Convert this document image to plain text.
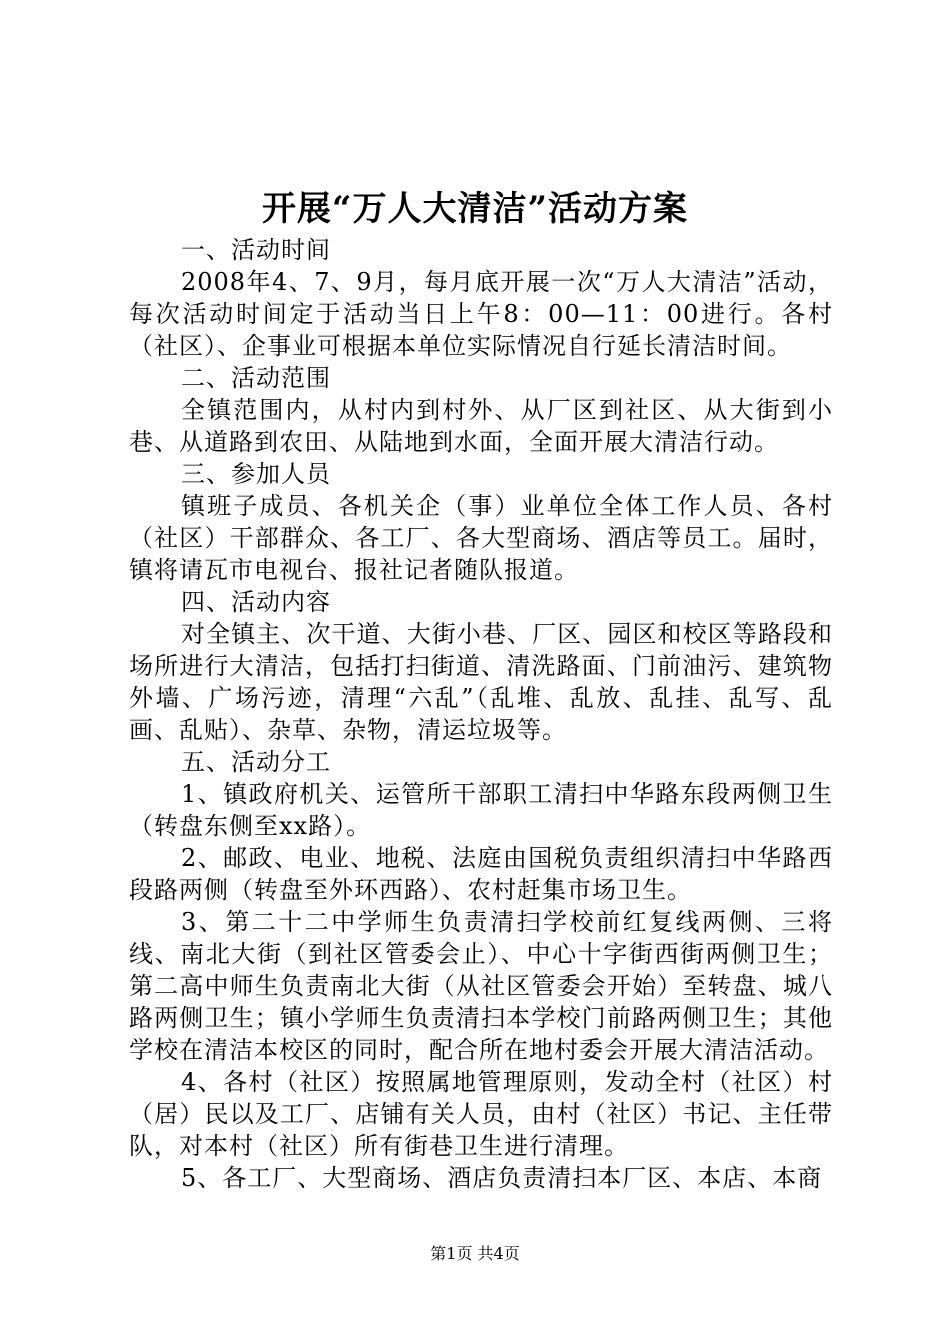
开展“万人大清洁”活动方案

一、活动时间

2008年4、7、9月，每月底开展一次“万人大清洁”活动，每次活动时间定于活动当日上午8：00—11：00进行。各村（社区）、企事业可根据本单位实际情况自行延长清洁时间。

二、活动范围

全镇范围内，从村内到村外、从厂区到社区、从大街到小巷、从道路到农田、从陆地到水面，全面开展大清洁行动。

三、参加人员

镇班子成员、各机关企（事）业单位全体工作人员、各村（社区）干部群众、各工厂、各大型商场、酒店等员工。届时，镇将请瓦市电视台、报社记者随队报道。

四、活动内容

对全镇主、次干道、大街小巷、厂区、园区和校区等路段和场所进行大清洁，包括打扫街道、清洗路面、门前油污、建筑物外墙、广场污迹，清理“六乱”（乱堆、乱放、乱挂、乱写、乱画、乱贴）、杂草、杂物，清运垃圾等。

五、活动分工

1、镇政府机关、运管所干部职工清扫中华路东段两侧卫生（转盘东侧至xx路）。

2、邮政、电业、地税、法庭由国税负责组织清扫中华路西段路两侧（转盘至外环西路）、农村赶集市场卫生。

3、第二十二中学师生负责清扫学校前红复线两侧、三将线、南北大街（到社区管委会止）、中心十字街西街两侧卫生；第二高中师生负责南北大街（从社区管委会开始）至转盘、城八路两侧卫生；镇小学师生负责清扫本学校门前路两侧卫生；其他学校在清洁本校区的同时，配合所在地村委会开展大清洁活动。

4、各村（社区）按照属地管理原则，发动全村（社区）村（居）民以及工厂、店铺有关人员，由村（社区）书记、主任带队，对本村（社区）所有街巷卫生进行清理。

5、各工厂、大型商场、酒店负责清扫本厂区、本店、本商

第1页 共4页
